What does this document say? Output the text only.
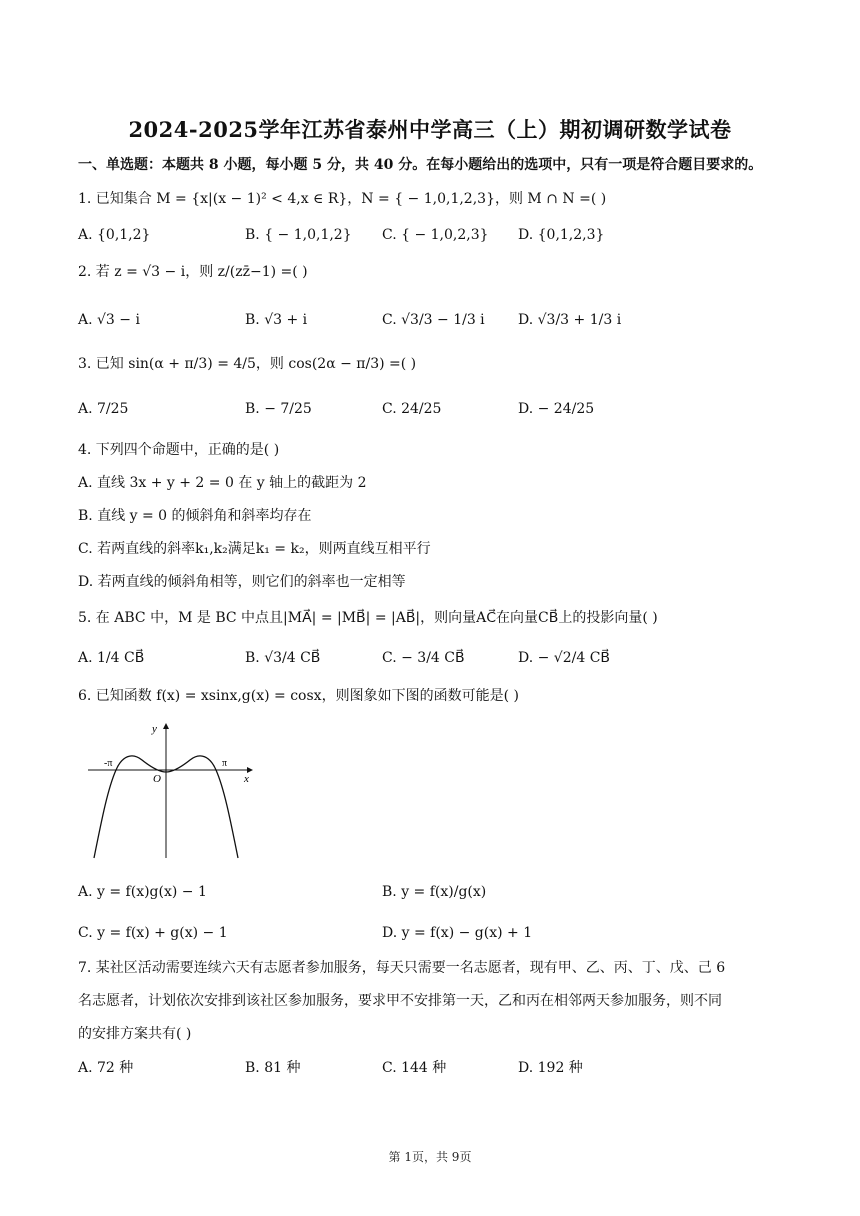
2024-2025学年江苏省泰州中学高三（上）期初调研数学试卷
一、单选题：本题共 8 小题，每小题 5 分，共 40 分。在每小题给出的选项中，只有一项是符合题目要求的。
1. 已知集合 M = {x|(x − 1)² < 4,x ∈ R}，N = { − 1,0,1,2,3}，则 M ∩ N =( )
A. {0,1,2}	B. { − 1,0,1,2} C. { − 1,0,2,3} D. {0,1,2,3}
2. 若 z = √3 − i，则 z/(zz̄−1) =( )
A. √3 − i	B. √3 + i	C. √3/3 − 1/3 i D. √3/3 + 1/3 i
3. 已知 sin(α + π/3) = 4/5，则 cos(2α − π/3) =( )
A. 7/25	B. − 7/25	C. 24/25	D. − 24/25
4. 下列四个命题中，正确的是( )
A. 直线 3x + y + 2 = 0 在 y 轴上的截距为 2
B. 直线 y = 0 的倾斜角和斜率均存在
C. 若两直线的斜率k₁,k₂满足k₁ = k₂，则两直线互相平行
D. 若两直线的倾斜角相等，则它们的斜率也一定相等
5. 在 ABC 中，M 是 BC 中点且|MA⃗| = |MB⃗| = |AB⃗|，则向量AC⃗在向量CB⃗上的投影向量( )
A. 1/4 CB⃗	B. √3/4 CB⃗	C. − 3/4 CB⃗	D. − √2/4 CB⃗
6. 已知函数 f(x) = xsinx,g(x) = cosx，则图象如下图的函数可能是( )
y
x
O
-π	π
A. y = f(x)g(x) − 1	B. y = f(x)/g(x)
C. y = f(x) + g(x) − 1	D. y = f(x) − g(x) + 1
7. 某社区活动需要连续六天有志愿者参加服务，每天只需要一名志愿者，现有甲、乙、丙、丁、戊、己 6
名志愿者，计划依次安排到该社区参加服务，要求甲不安排第一天，乙和丙在相邻两天参加服务，则不同
的安排方案共有( )
A. 72 种	B. 81 种	C. 144 种	D. 192 种
第 1页，共 9页
